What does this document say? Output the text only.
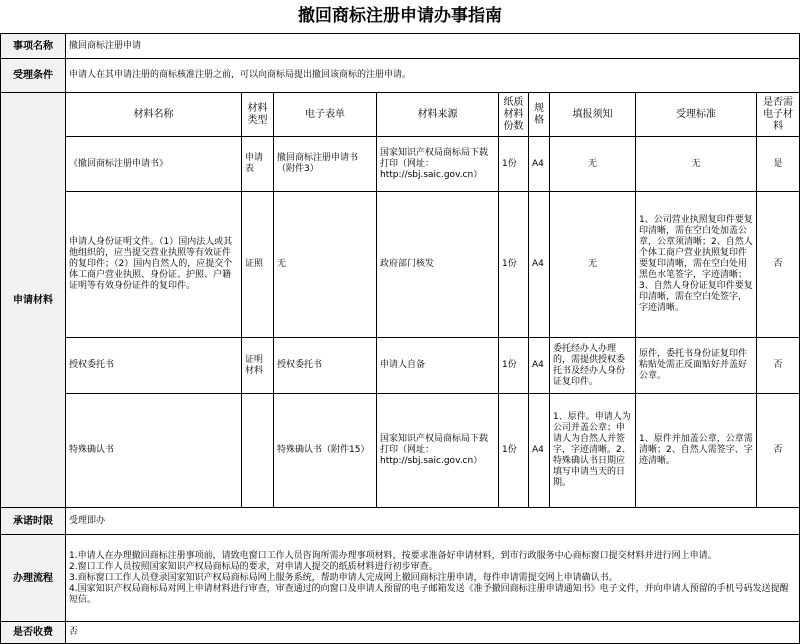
撤回商标注册申请办事指南
事项名称	撤回商标注册申请								
受理条件	申请人在其申请注册的商标核准注册之前，可以向商标局提出撤回该商标的注册申请。								
申请材料	材料名称	材料类型	电子表单	材料来源	纸质材料份数	规格	填报须知	受理标准	是否需电子材料
	《撤回商标注册申请书》	申请表	撤回商标注册申请书（附件3）	国家知识产权局商标局下载打印（网址：http://sbj.saic.gov.cn）	1份	A4	无	无	是
	申请人身份证明文件。（1）国内法人或其他组织的，应当提交营业执照等有效证件的复印件；（2）国内自然人的，应提交个体工商户营业执照、身份证、护照、户籍证明等有效身份证件的复印件。	证照	无	政府部门核发	1份	A4	无	1、公司营业执照复印件要复印清晰，需在空白处加盖公章，公章须清晰；2、自然人个体工商户营业执照复印件要复印清晰，需在空白处用黑色水笔签字，字迹清晰；3、自然人身份证复印件要复印清晰，需在空白处签字，字迹清晰。	否
	授权委托书	证明材料	授权委托书	申请人自备	1份	A4	委托经办人办理的，需提供授权委托书及经办人身份证复印件。	原件，委托书身份证复印件粘贴处需正反面贴好并盖好公章。	否
	特殊确认书		特殊确认书（附件15）	国家知识产权局商标局下载打印（网址：http://sbj.saic.gov.cn）	1份	A4	1、原件。申请人为公司并盖公章；申请人为自然人并签字，字迹清晰。2、特殊确认书日期应填写申请当天的日期。	1、原件并加盖公章，公章需清晰；2、自然人需签字、字迹清晰。	否
承诺时限	受理即办								
办理流程	1.申请人在办理撤回商标注册事项前，请致电窗口工作人员咨询所需办理事项材料，按要求准备好申请材料，到市行政服务中心商标窗口提交材料并进行网上申请。
2.窗口工作人员按照国家知识产权局商标局的要求，对申请人提交的纸质材料进行初步审查。
3.商标窗口工作人员登录国家知识产权局商标局网上服务系统，帮助申请人完成网上撤回商标注册申请，每件申请需提交网上申请确认书。
4.国家知识产权局商标局对网上申请材料进行审查，审查通过的向窗口及申请人预留的电子邮箱发送《准予撤回商标注册申请通知书》电子文件，并向申请人预留的手机号码发送提醒短信。								

是否收费	否								
